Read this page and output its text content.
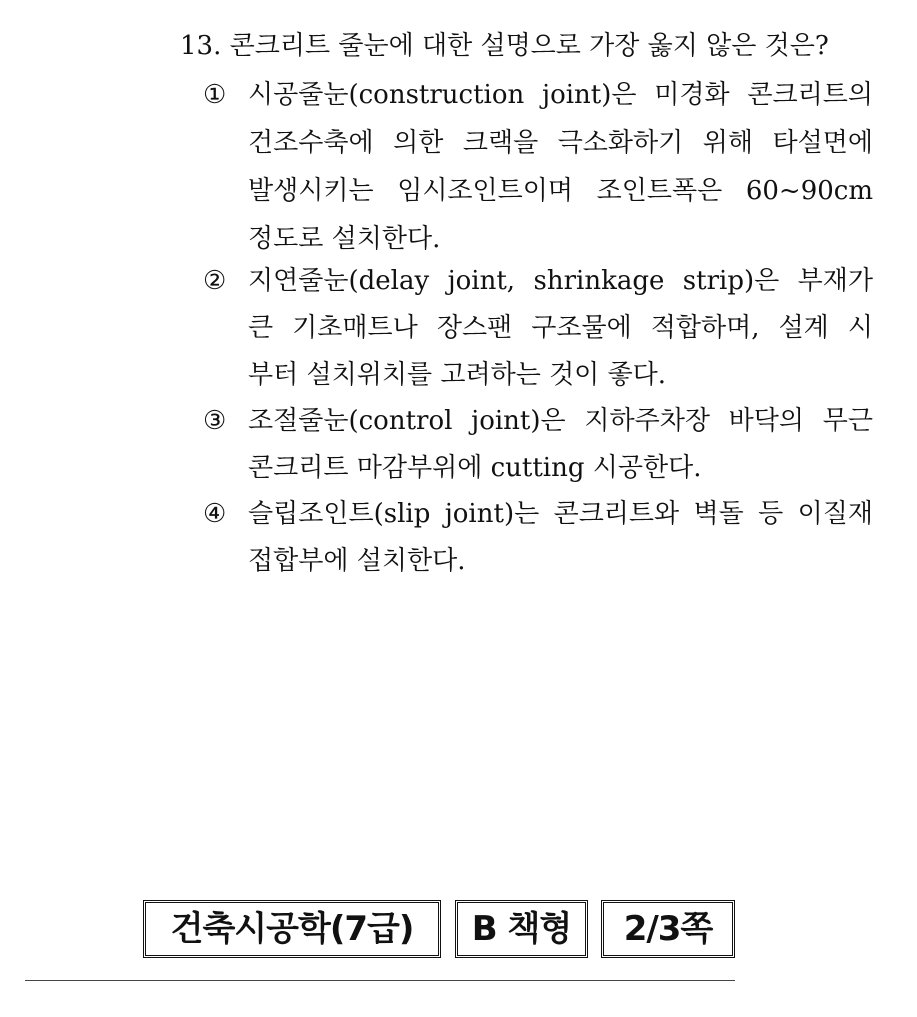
13. 콘크리트 줄눈에 대한 설명으로 가장 옳지 않은 것은?
① 시공줄눈(construction joint)은 미경화 콘크리트의
건조수축에 의한 크랙을 극소화하기 위해 타설면에
발생시키는 임시조인트이며 조인트폭은 60~90cm
정도로 설치한다.
② 지연줄눈(delay joint, shrinkage strip)은 부재가
큰 기초매트나 장스팬 구조물에 적합하며, 설계 시
부터 설치위치를 고려하는 것이 좋다.
③ 조절줄눈(control joint)은 지하주차장 바닥의 무근
콘크리트 마감부위에 cutting 시공한다.
④ 슬립조인트(slip joint)는 콘크리트와 벽돌 등 이질재
접합부에 설치한다.
건축시공학(7급)	B 책형	2/3쪽
